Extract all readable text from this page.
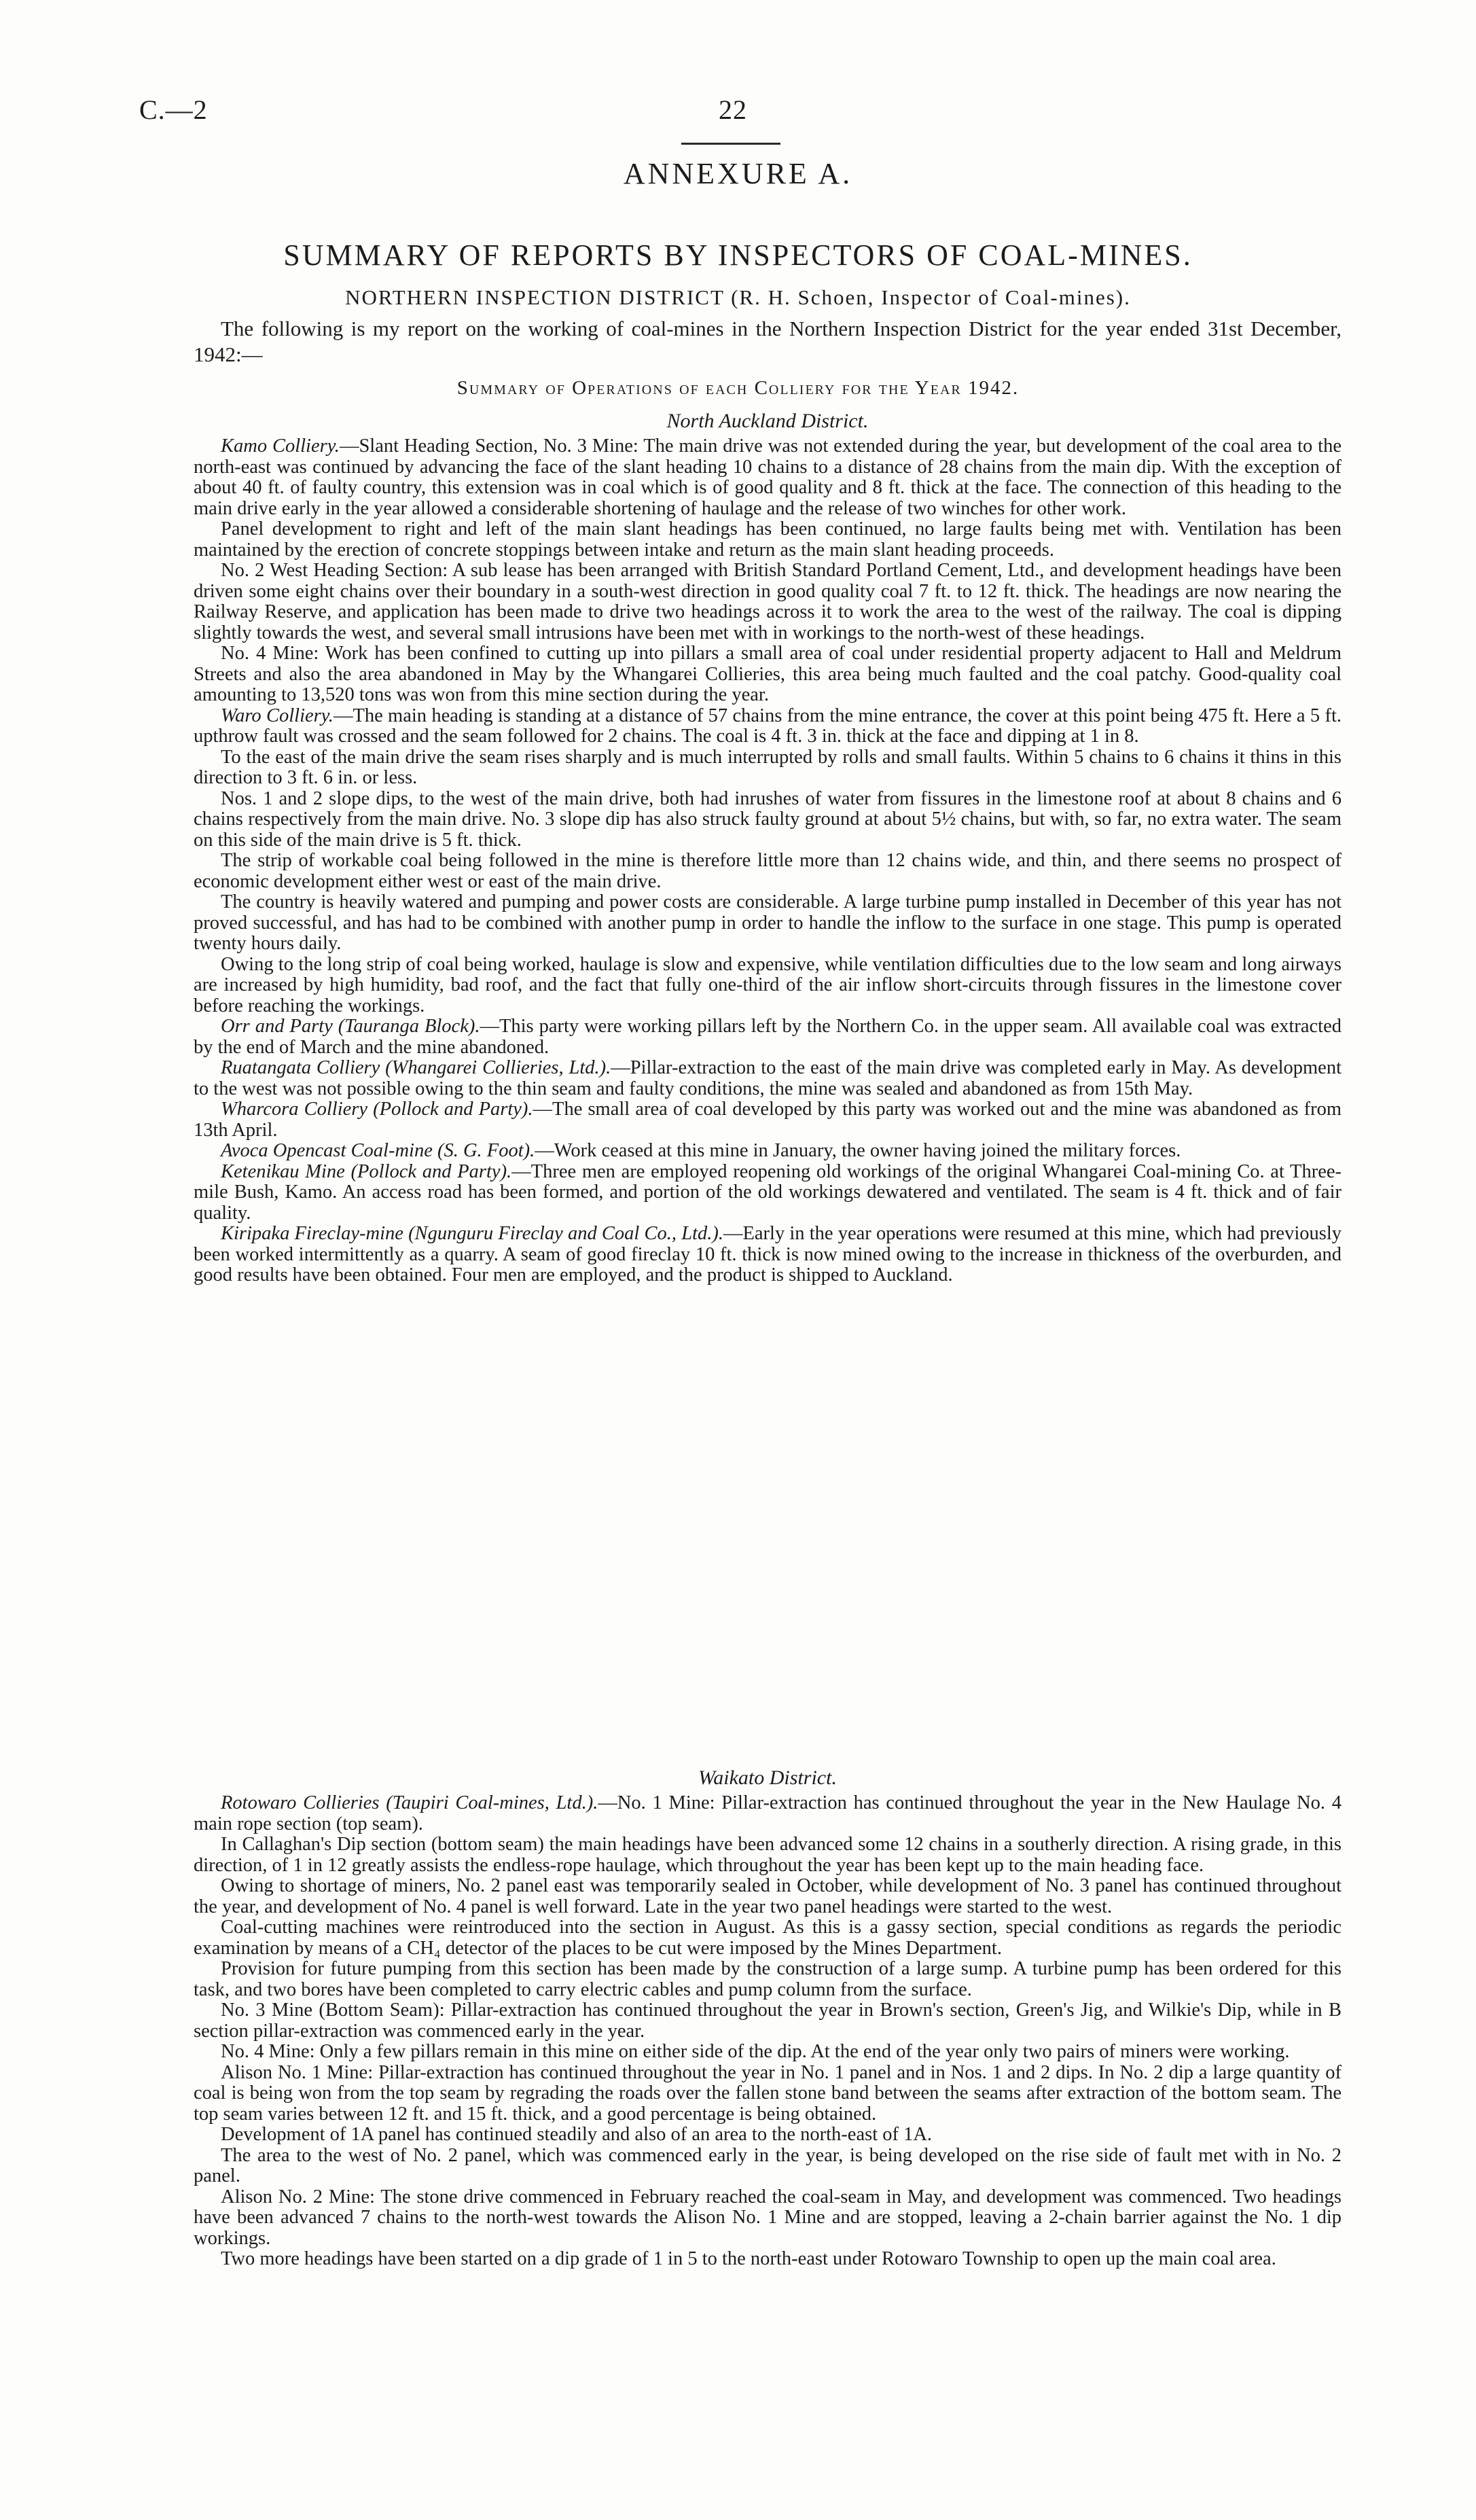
C.—2	22
ANNEXURE A.
SUMMARY OF REPORTS BY INSPECTORS OF COAL-MINES.
NORTHERN INSPECTION DISTRICT (R. H. Schoen, Inspector of Coal-mines).
The following is my report on the working of coal-mines in the Northern Inspection District for the year ended 31st December, 1942:—
Summary of Operations of each Colliery for the Year 1942.
North Auckland District.

Kamo Colliery.—Slant Heading Section, No. 3 Mine: The main drive was not extended during the year, but development of the coal area to the north-east was continued by advancing the face of the slant heading 10 chains to a distance of 28 chains from the main dip. With the exception of about 40 ft. of faulty country, this extension was in coal which is of good quality and 8 ft. thick at the face. The connection of this heading to the main drive early in the year allowed a considerable shortening of haulage and the release of two winches for other work.

Panel development to right and left of the main slant headings has been continued, no large faults being met with. Ventilation has been maintained by the erection of concrete stoppings between intake and return as the main slant heading proceeds.

No. 2 West Heading Section: A sub lease has been arranged with British Standard Portland Cement, Ltd., and development headings have been driven some eight chains over their boundary in a south-west direction in good quality coal 7 ft. to 12 ft. thick. The headings are now nearing the Railway Reserve, and application has been made to drive two headings across it to work the area to the west of the railway. The coal is dipping slightly towards the west, and several small intrusions have been met with in workings to the north-west of these headings.

No. 4 Mine: Work has been confined to cutting up into pillars a small area of coal under residential property adjacent to Hall and Meldrum Streets and also the area abandoned in May by the Whangarei Collieries, this area being much faulted and the coal patchy. Good-quality coal amounting to 13,520 tons was won from this mine section during the year.

Waro Colliery.—The main heading is standing at a distance of 57 chains from the mine entrance, the cover at this point being 475 ft. Here a 5 ft. upthrow fault was crossed and the seam followed for 2 chains. The coal is 4 ft. 3 in. thick at the face and dipping at 1 in 8.

To the east of the main drive the seam rises sharply and is much interrupted by rolls and small faults. Within 5 chains to 6 chains it thins in this direction to 3 ft. 6 in. or less.

Nos. 1 and 2 slope dips, to the west of the main drive, both had inrushes of water from fissures in the limestone roof at about 8 chains and 6 chains respectively from the main drive. No. 3 slope dip has also struck faulty ground at about 5½ chains, but with, so far, no extra water. The seam on this side of the main drive is 5 ft. thick.

The strip of workable coal being followed in the mine is therefore little more than 12 chains wide, and thin, and there seems no prospect of economic development either west or east of the main drive.

The country is heavily watered and pumping and power costs are considerable. A large turbine pump installed in December of this year has not proved successful, and has had to be combined with another pump in order to handle the inflow to the surface in one stage. This pump is operated twenty hours daily.

Owing to the long strip of coal being worked, haulage is slow and expensive, while ventilation difficulties due to the low seam and long airways are increased by high humidity, bad roof, and the fact that fully one-third of the air inflow short-circuits through fissures in the limestone cover before reaching the workings.

Orr and Party (Tauranga Block).—This party were working pillars left by the Northern Co. in the upper seam. All available coal was extracted by the end of March and the mine abandoned.

Ruatangata Colliery (Whangarei Collieries, Ltd.).—Pillar-extraction to the east of the main drive was completed early in May. As development to the west was not possible owing to the thin seam and faulty conditions, the mine was sealed and abandoned as from 15th May.

Wharcora Colliery (Pollock and Party).—The small area of coal developed by this party was worked out and the mine was abandoned as from 13th April.

Avoca Opencast Coal-mine (S. G. Foot).—Work ceased at this mine in January, the owner having joined the military forces.

Ketenikau Mine (Pollock and Party).—Three men are employed reopening old workings of the original Whangarei Coal-mining Co. at Three-mile Bush, Kamo. An access road has been formed, and portion of the old workings dewatered and ventilated. The seam is 4 ft. thick and of fair quality.

Kiripaka Fireclay-mine (Ngunguru Fireclay and Coal Co., Ltd.).—Early in the year operations were resumed at this mine, which had previously been worked intermittently as a quarry. A seam of good fireclay 10 ft. thick is now mined owing to the increase in thickness of the overburden, and good results have been obtained. Four men are employed, and the product is shipped to Auckland.

Waikato District.

Rotowaro Collieries (Taupiri Coal-mines, Ltd.).—No. 1 Mine: Pillar-extraction has continued throughout the year in the New Haulage No. 4 main rope section (top seam).

In Callaghan's Dip section (bottom seam) the main headings have been advanced some 12 chains in a southerly direction. A rising grade, in this direction, of 1 in 12 greatly assists the endless-rope haulage, which throughout the year has been kept up to the main heading face.

Owing to shortage of miners, No. 2 panel east was temporarily sealed in October, while development of No. 3 panel has continued throughout the year, and development of No. 4 panel is well forward. Late in the year two panel headings were started to the west.

Coal-cutting machines were reintroduced into the section in August. As this is a gassy section, special conditions as regards the periodic examination by means of a CH₄ detector of the places to be cut were imposed by the Mines Department.

Provision for future pumping from this section has been made by the construction of a large sump. A turbine pump has been ordered for this task, and two bores have been completed to carry electric cables and pump column from the surface.

No. 3 Mine (Bottom Seam): Pillar-extraction has continued throughout the year in Brown's section, Green's Jig, and Wilkie's Dip, while in B section pillar-extraction was commenced early in the year.

No. 4 Mine: Only a few pillars remain in this mine on either side of the dip. At the end of the year only two pairs of miners were working.

Alison No. 1 Mine: Pillar-extraction has continued throughout the year in No. 1 panel and in Nos. 1 and 2 dips. In No. 2 dip a large quantity of coal is being won from the top seam by regrading the roads over the fallen stone band between the seams after extraction of the bottom seam. The top seam varies between 12 ft. and 15 ft. thick, and a good percentage is being obtained.

Development of 1A panel has continued steadily and also of an area to the north-east of 1A.

The area to the west of No. 2 panel, which was commenced early in the year, is being developed on the rise side of fault met with in No. 2 panel.

Alison No. 2 Mine: The stone drive commenced in February reached the coal-seam in May, and development was commenced. Two headings have been advanced 7 chains to the north-west towards the Alison No. 1 Mine and are stopped, leaving a 2-chain barrier against the No. 1 dip workings.

Two more headings have been started on a dip grade of 1 in 5 to the north-east under Rotowaro Township to open up the main coal area.
